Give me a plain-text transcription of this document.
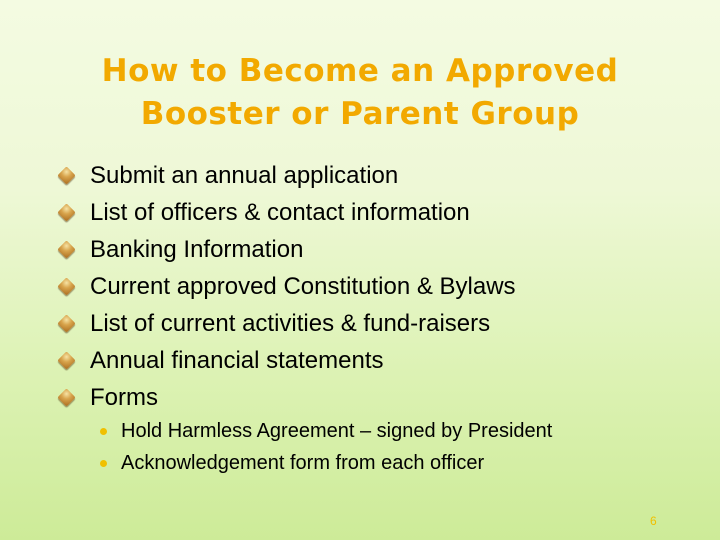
How to Become an Approved
Booster or Parent Group
Submit an annual application
List of officers & contact information
Banking Information
Current approved Constitution & Bylaws
List of current activities & fund-raisers
Annual financial statements
Forms
Hold Harmless Agreement – signed by President
Acknowledgement form from each officer
6
